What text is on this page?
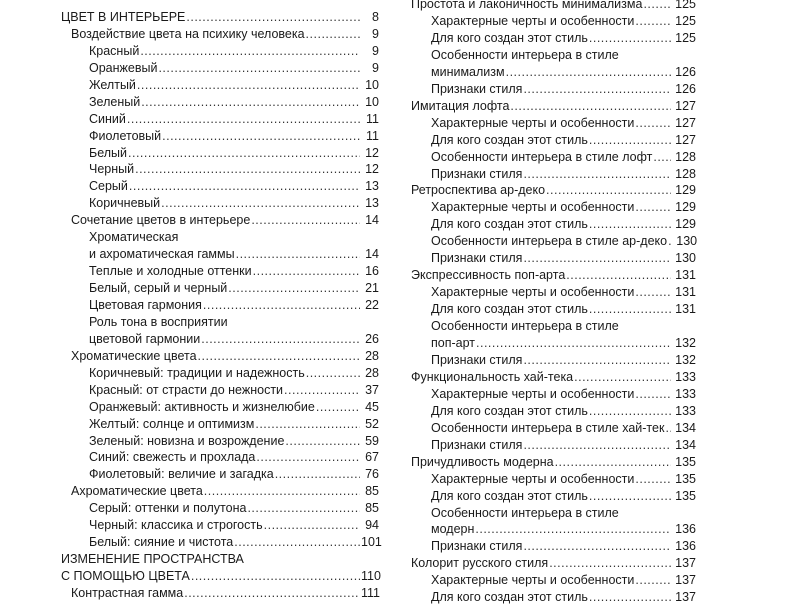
ЦВЕТ В ИНТЕРЬЕРЕ .....	8
Воздействие цвета на психику человека .....	9
Красный .....	9
Оранжевый .....	9
Желтый .....	10
Зеленый .....	10
Синий .....	11
Фиолетовый .....	11
Белый .....	12
Черный .....	12
Серый .....	13
Коричневый .....	13
Сочетание цветов в интерьере .....	14
Хроматическая
и ахроматическая гаммы .....	14
Теплые и холодные оттенки .....	16
Белый, серый и черный .....	21
Цветовая гармония .....	22
Роль тона в восприятии
цветовой гармонии .....	26
Хроматические цвета .....	28
Коричневый: традиции и надежность .....	28
Красный: от страсти до нежности .....	37
Оранжевый: активность и жизнелюбие .....	45
Желтый: солнце и оптимизм .....	52
Зеленый: новизна и возрождение .....	59
Синий: свежесть и прохлада .....	67
Фиолетовый: величие и загадка .....	76
Ахроматические цвета .....	85
Серый: оттенки и полутона .....	85
Черный: классика и строгость .....	94
Белый: сияние и чистота .....	101
ИЗМЕНЕНИЕ ПРОСТРАНСТВА
С ПОМОЩЬЮ ЦВЕТА .....	110
Контрастная гамма .....	111
Простота и лаконичность минимализма .....	125
Характерные черты и особенности .....	125
Для кого создан этот стиль .....	125
Особенности интерьера в стиле
минимализм .....	126
Признаки стиля .....	126
Имитация лофта .....	127
Характерные черты и особенности .....	127
Для кого создан этот стиль .....	127
Особенности интерьера в стиле лофт ..... 128
Признаки стиля .....	128
Ретроспектива ар-деко .....	129
Характерные черты и особенности .....	129
Для кого создан этот стиль .....	129
Особенности интерьера в стиле ар-деко ..... 130
Признаки стиля .....	130
Экспрессивность поп-арта .....	131
Характерные черты и особенности .....	131
Для кого создан этот стиль .....	131
Особенности интерьера в стиле
поп-арт .....	132
Признаки стиля .....	132
Функциональность хай-тека .....	133
Характерные черты и особенности .....	133
Для кого создан этот стиль .....	133
Особенности интерьера в стиле хай-тек ..... 134
Признаки стиля .....	134
Причудливость модерна .....	135
Характерные черты и особенности .....	135
Для кого создан этот стиль .....	135
Особенности интерьера в стиле
модерн .....	136
Признаки стиля .....	136
Колорит русского стиля .....	137
Характерные черты и особенности .....	137
Для кого создан этот стиль .....	137
